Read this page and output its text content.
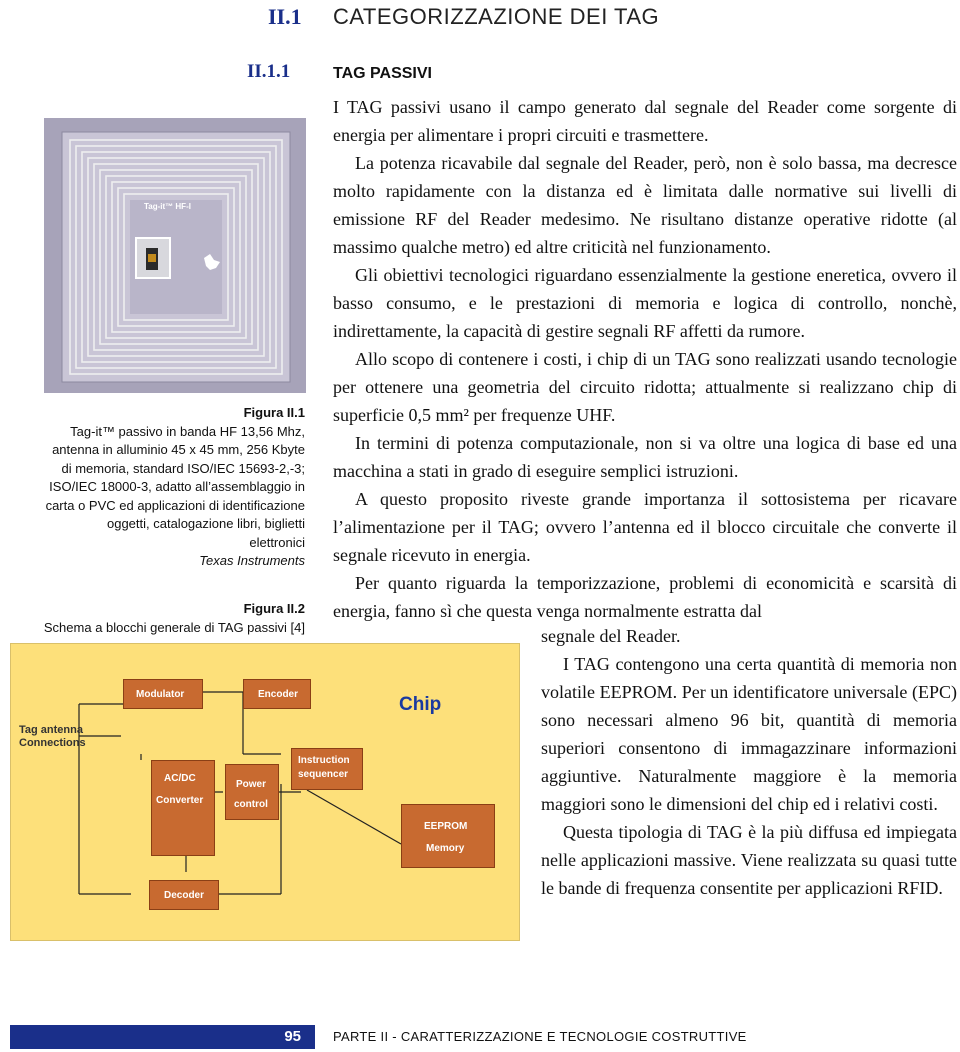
II.1 CATEGORIZZAZIONE DEI TAG
II.1.1	TAG PASSIVI
Tag-it™ HF-I
Figura II.1
Tag-it™ passivo in banda HF 13,56 Mhz,
antenna in alluminio 45 x 45 mm, 256 Kbyte
di memoria, standard ISO/IEC 15693-2,-3;
ISO/IEC 18000-3, adatto all’assemblaggio in
carta o PVC ed applicazioni di identificazione
oggetti, catalogazione libri, biglietti
elettronici
Texas Instruments
Figura II.2
Schema a blocchi generale di TAG passivi [4]
Tag antenna
Connections
Modulator	Encoder	Chip
AC/DC
Converter
Power
control
Instruction
sequencer
EEPROM
Memory
Decoder

I TAG passivi usano il campo generato dal segnale del Reader come sorgente di energia per alimentare i propri circuiti e trasmettere.

La potenza ricavabile dal segnale del Reader, però, non è solo bassa, ma decresce molto rapidamente con la distanza ed è limitata dalle normative sui livelli di emissione RF del Reader medesimo. Ne risultano distanze operative ridotte (al massimo qualche metro) ed altre criticità nel funzionamento.

Gli obiettivi tecnologici riguardano essenzialmente la gestione eneretica, ovvero il basso consumo, e le prestazioni di memoria e logica di controllo, nonchè, indirettamente, la capacità di gestire segnali RF affetti da rumore.

Allo scopo di contenere i costi, i chip di un TAG sono realizzati usando tecnologie per ottenere una geometria del circuito ridotta; attualmente si realizzano chip di superficie 0,5 mm² per frequenze UHF.

In termini di potenza computazionale, non si va oltre una logica di base ed una macchina a stati in grado di eseguire semplici istruzioni.

A questo proposito riveste grande importanza il sottosistema per ricavare l’alimentazione per il TAG; ovvero l’antenna ed il blocco circuitale che converte il segnale ricevuto in energia.

Per quanto riguarda la temporizzazione, problemi di economicità e scarsità di energia, fanno sì che questa venga normalmente estratta dal

segnale del Reader.

I TAG contengono una certa quantità di memoria non volatile EEPROM. Per un identificatore universale (EPC) sono necessari almeno 96 bit, quantità di memoria superiori consentono di immagazzinare informazioni aggiuntive. Naturalmente maggiore è la memoria maggiori sono le dimensioni del chip ed i relativi costi.

Questa tipologia di TAG è la più diffusa ed impiegata nelle applicazioni massive. Viene realizzata su quasi tutte le bande di frequenza consentite per applicazioni RFID.

95 PARTE II - CARATTERIZZAZIONE E TECNOLOGIE COSTRUTTIVE
